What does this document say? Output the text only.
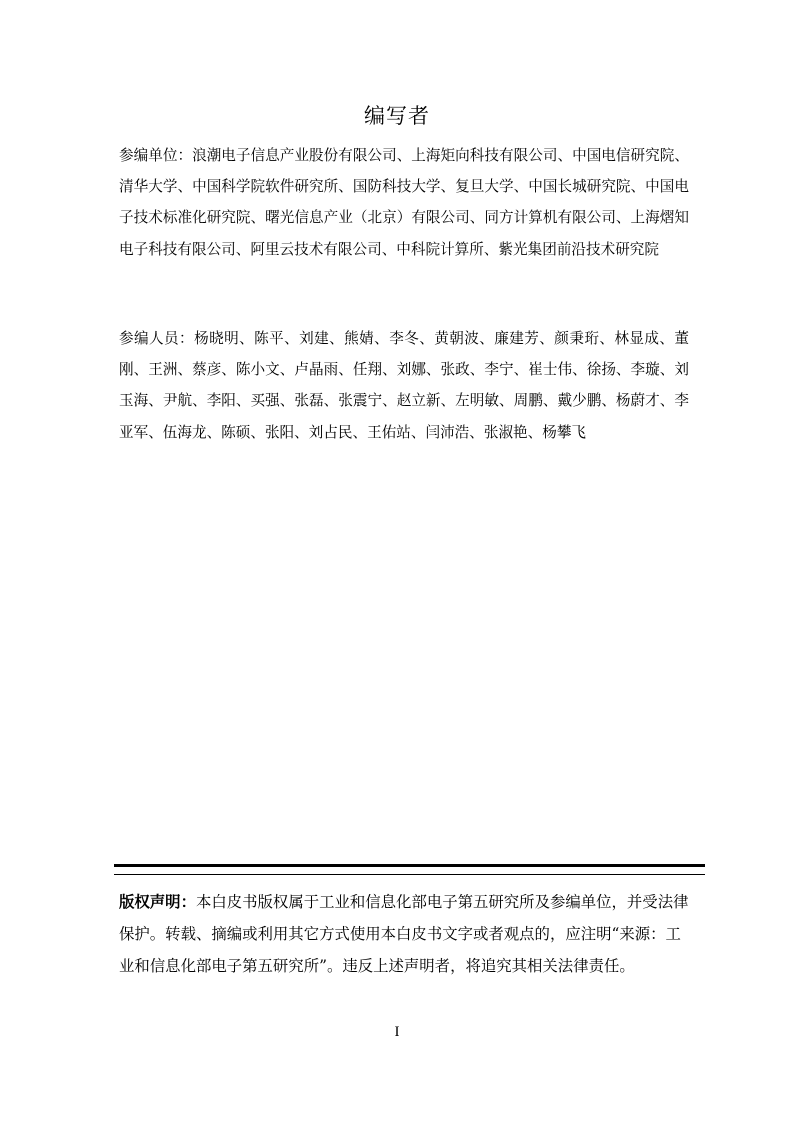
编写者
参编单位：浪潮电子信息产业股份有限公司、上海矩向科技有限公司、中国电信研究院、清华大学、中国科学院软件研究所、国防科技大学、复旦大学、中国长城研究院、中国电子技术标准化研究院、曙光信息产业（北京）有限公司、同方计算机有限公司、上海熠知电子科技有限公司、阿里云技术有限公司、中科院计算所、紫光集团前沿技术研究院
参编人员：杨晓明、陈平、刘建、熊婧、李冬、黄朝波、廉建芳、颜秉珩、林显成、董刚、王洲、蔡彦、陈小文、卢晶雨、任翔、刘娜、张政、李宁、崔士伟、徐扬、李璇、刘玉海、尹航、李阳、买强、张磊、张震宁、赵立新、左明敏、周鹏、戴少鹏、杨蔚才、李亚军、伍海龙、陈硕、张阳、刘占民、王佑站、闫沛浩、张淑艳、杨攀飞
版权声明：本白皮书版权属于工业和信息化部电子第五研究所及参编单位，并受法律保护。转载、摘编或利用其它方式使用本白皮书文字或者观点的，应注明“来源：工业和信息化部电子第五研究所”。违反上述声明者，将追究其相关法律责任。
I
